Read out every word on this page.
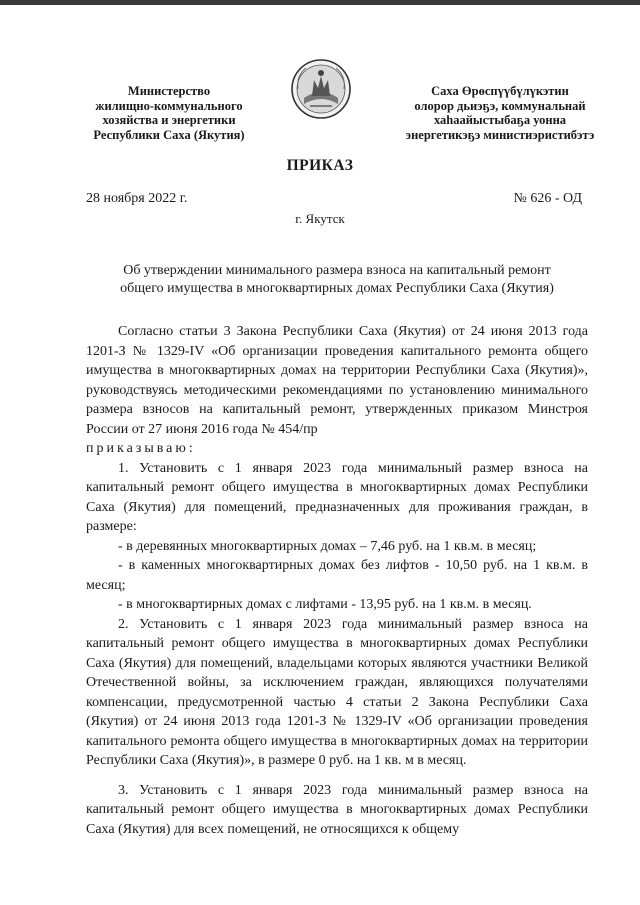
Министерство
жилищно-коммунального
хозяйства и энергетики
Республики Саха (Якутия)
Саха Өрөспүүбүлүкэтин
олорор дьиэҕэ, коммунальнай
хаһаайыстыбаҕа уонна
энергетикэҕэ министиэристибэтэ
ПРИКАЗ
28 ноября 2022 г.	№ 626 - ОД
г. Якутск
Об утверждении минимального размера взноса на капитальный ремонт
общего имущества в многоквартирных домах Республики Саха (Якутия)

Согласно статьи 3 Закона Республики Саха (Якутия) от 24 июня 2013 года 1201-З № 1329-IV «Об организации проведения капитального ремонта общего имущества в многоквартирных домах на территории Республики Саха (Якутия)», руководствуясь методическими рекомендациями по установлению минимального размера взносов на капитальный ремонт, утвержденных приказом Минстроя России от 27 июня 2016 года № 454/пр

приказываю:

1. Установить с 1 января 2023 года минимальный размер взноса на капитальный ремонт общего имущества в многоквартирных домах Республики Саха (Якутия) для помещений, предназначенных для проживания граждан, в размере:

- в деревянных многоквартирных домах – 7,46 руб. на 1 кв.м. в месяц;

- в каменных многоквартирных домах без лифтов - 10,50 руб. на 1 кв.м. в месяц;

- в многоквартирных домах с лифтами - 13,95 руб. на 1 кв.м. в месяц.

2. Установить с 1 января 2023 года минимальный размер взноса на капитальный ремонт общего имущества в многоквартирных домах Республики Саха (Якутия) для помещений, владельцами которых являются участники Великой Отечественной войны, за исключением граждан, являющихся получателями компенсации, предусмотренной частью 4 статьи 2 Закона Республики Саха (Якутия) от 24 июня 2013 года 1201-З № 1329-IV «Об организации проведения капитального ремонта общего имущества в многоквартирных домах на территории Республики Саха (Якутия)», в размере 0 руб. на 1 кв. м в месяц.

3. Установить с 1 января 2023 года минимальный размер взноса на капитальный ремонт общего имущества в многоквартирных домах Республики Саха (Якутия) для всех помещений, не относящихся к общему
